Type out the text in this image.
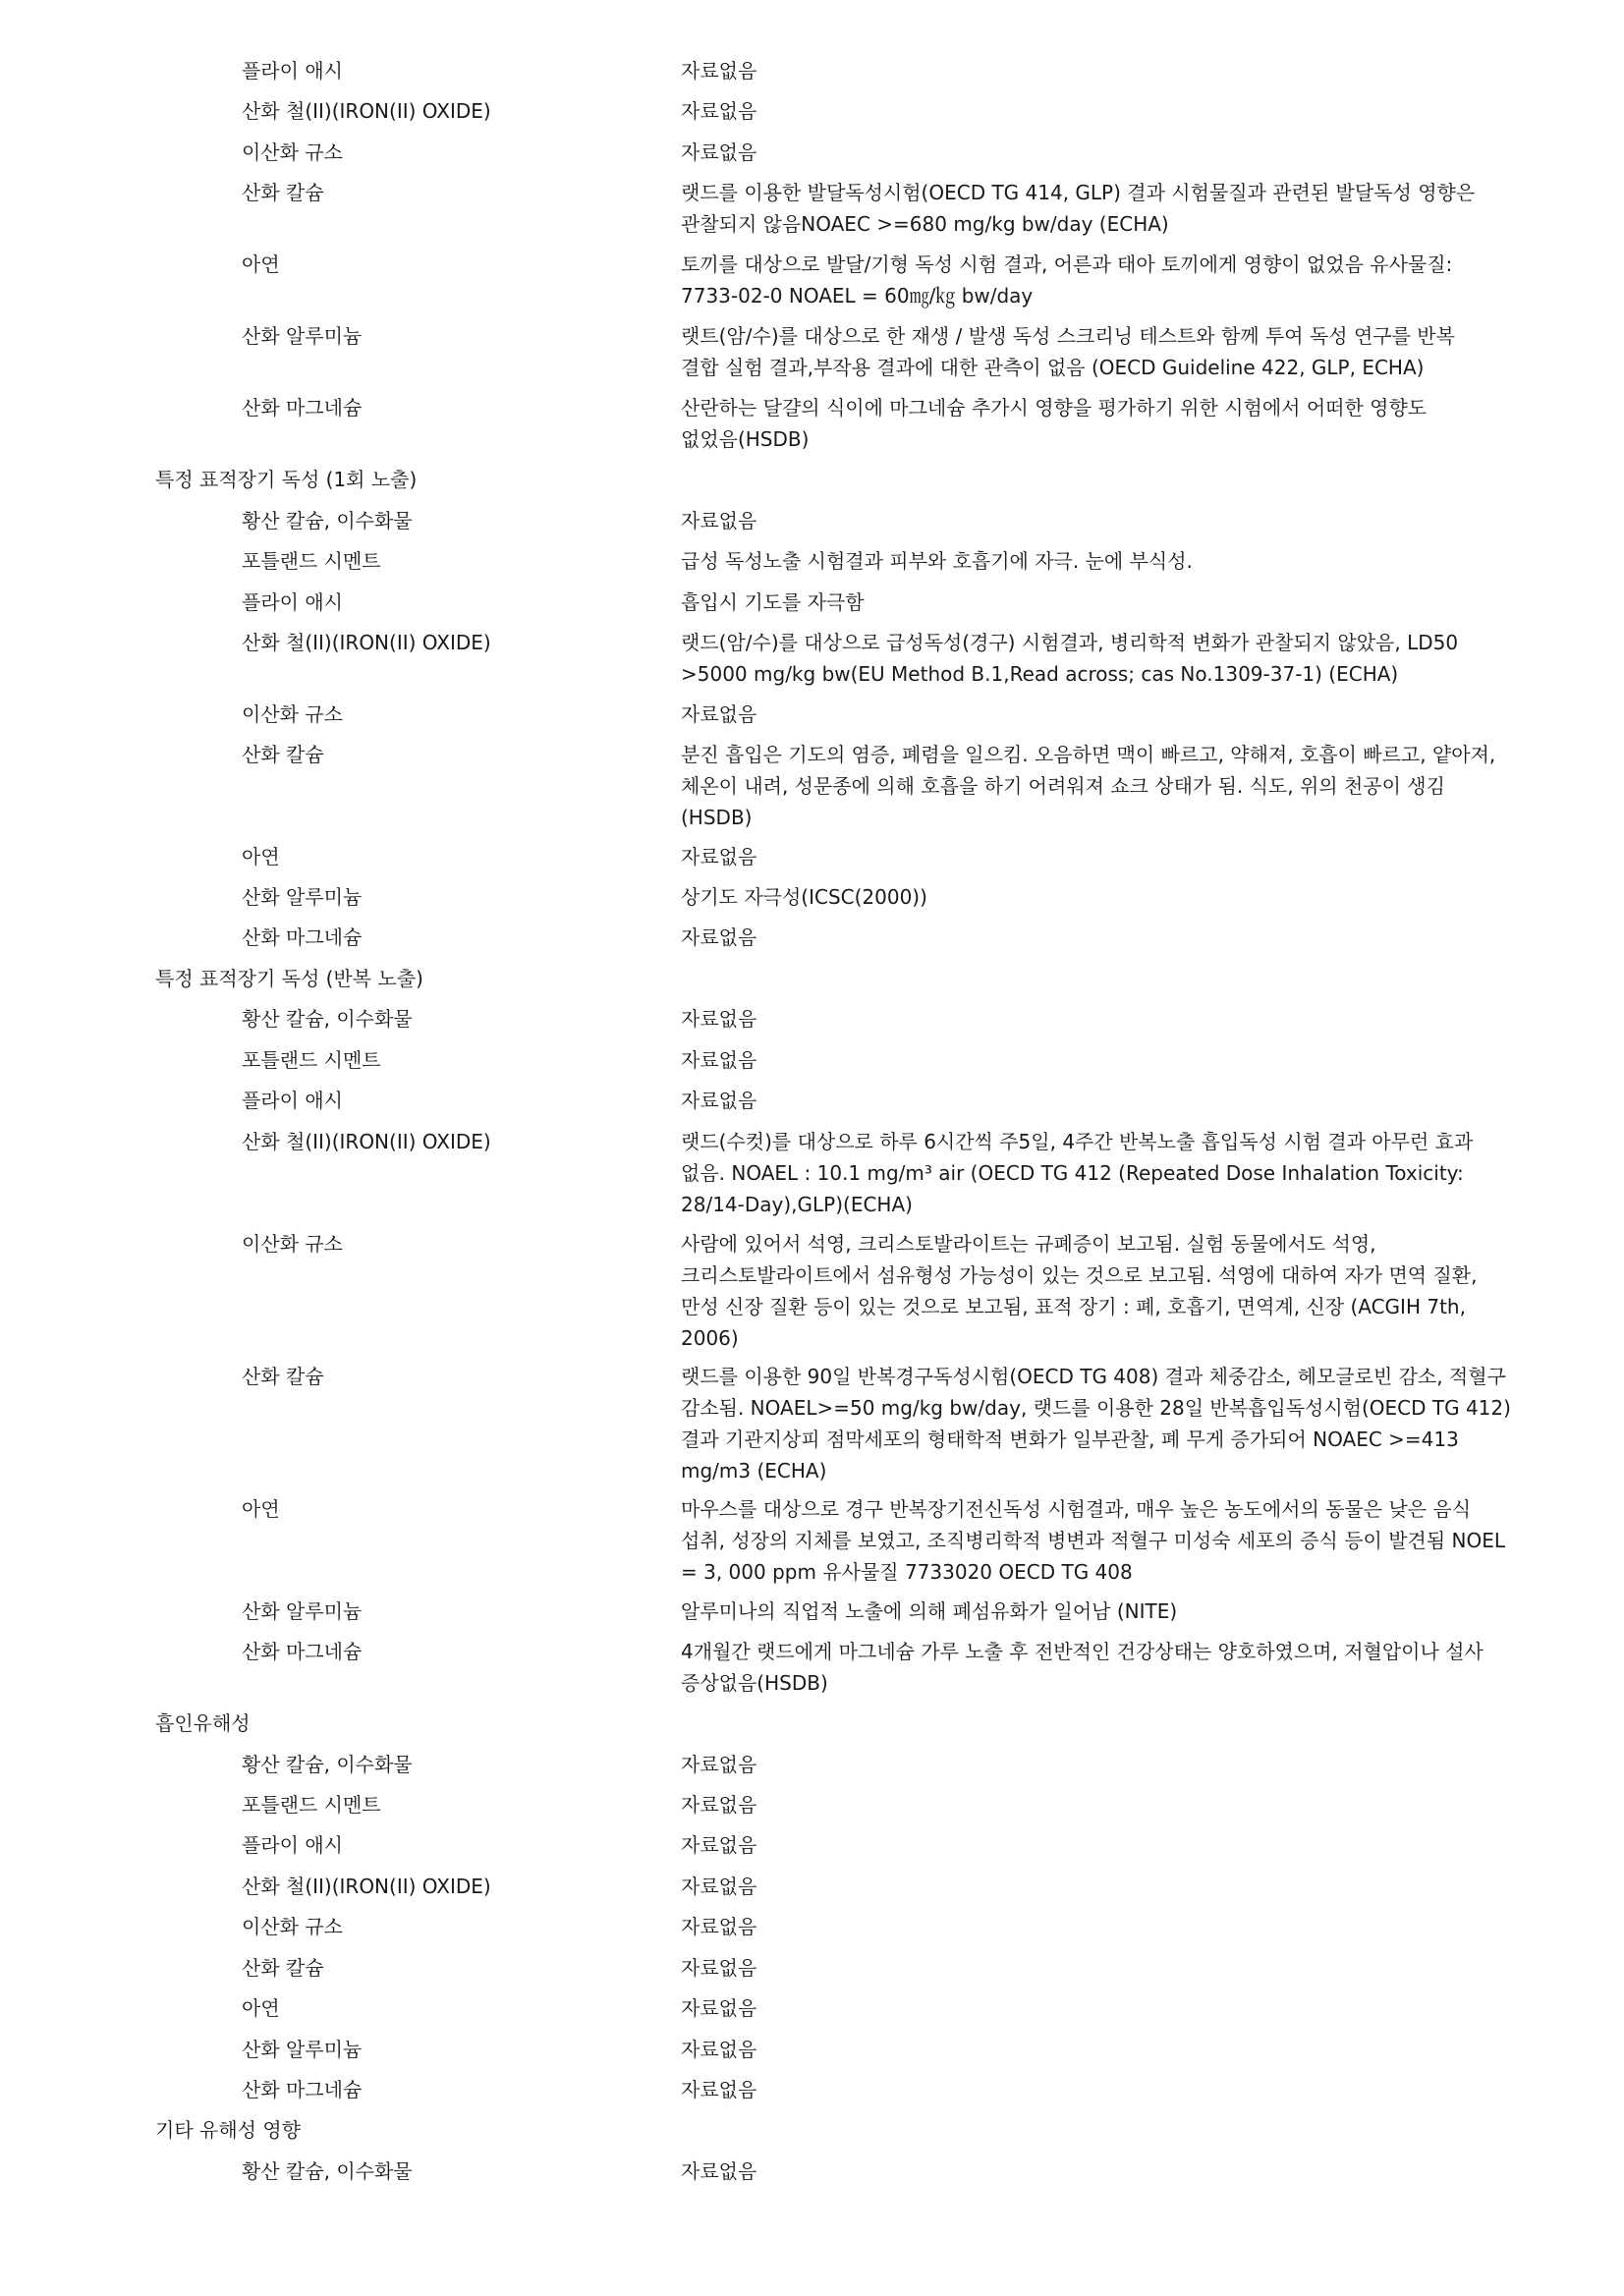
플라이 애시	자료없음
산화 철(II)(IRON(II) OXIDE)	자료없음
이산화 규소	자료없음
산화 칼슘	랫드를 이용한 발달독성시험(OECD TG 414, GLP) 결과 시험물질과 관련된 발달독성 영향은
관찰되지 않음NOAEC >=680 mg/kg bw/day (ECHA)
아연	토끼를 대상으로 발달/기형 독성 시험 결과, 어른과 태아 토끼에게 영향이 없었음 유사물질:
7733-02-0 NOAEL = 60㎎/㎏ bw/day
산화 알루미늄	랫트(암/수)를 대상으로 한 재생 / 발생 독성 스크리닝 테스트와 함께 투여 독성 연구를 반복
결합 실험 결과,부작용 결과에 대한 관측이 없음 (OECD Guideline 422, GLP, ECHA)
산화 마그네슘	산란하는 달걀의 식이에 마그네슘 추가시 영향을 평가하기 위한 시험에서 어떠한 영향도
없었음(HSDB)
특정 표적장기 독성 (1회 노출)
황산 칼슘, 이수화물	자료없음
포틀랜드 시멘트	급성 독성노출 시험결과 피부와 호흡기에 자극. 눈에 부식성.
플라이 애시	흡입시 기도를 자극함
산화 철(II)(IRON(II) OXIDE)	랫드(암/수)를 대상으로 급성독성(경구) 시험결과, 병리학적 변화가 관찰되지 않았음, LD50
>5000 mg/kg bw(EU Method B.1,Read across; cas No.1309-37-1) (ECHA)
이산화 규소	자료없음
산화 칼슘	분진 흡입은 기도의 염증, 폐렴을 일으킴. 오음하면 맥이 빠르고, 약해져, 호흡이 빠르고, 얕아져,
체온이 내려, 성문종에 의해 호흡을 하기 어려워져 쇼크 상태가 됨. 식도, 위의 천공이 생김
(HSDB)
아연	자료없음
산화 알루미늄	상기도 자극성(ICSC(2000))
산화 마그네슘	자료없음
특정 표적장기 독성 (반복 노출)
황산 칼슘, 이수화물	자료없음
포틀랜드 시멘트	자료없음
플라이 애시	자료없음
산화 철(II)(IRON(II) OXIDE)	랫드(수컷)를 대상으로 하루 6시간씩 주5일, 4주간 반복노출 흡입독성 시험 결과 아무런 효과
없음. NOAEL : 10.1 mg/m³ air (OECD TG 412 (Repeated Dose Inhalation Toxicity:
28/14-Day),GLP)(ECHA)
이산화 규소	사람에 있어서 석영, 크리스토발라이트는 규폐증이 보고됨. 실험 동물에서도 석영,
크리스토발라이트에서 섬유형성 가능성이 있는 것으로 보고됨. 석영에 대하여 자가 면역 질환,
만성 신장 질환 등이 있는 것으로 보고됨, 표적 장기 : 폐, 호흡기, 면역계, 신장 (ACGIH 7th,
2006)
산화 칼슘	랫드를 이용한 90일 반복경구독성시험(OECD TG 408) 결과 체중감소, 헤모글로빈 감소, 적혈구
감소됨. NOAEL>=50 mg/kg bw/day, 랫드를 이용한 28일 반복흡입독성시험(OECD TG 412)
결과 기관지상피 점막세포의 형태학적 변화가 일부관찰, 폐 무게 증가되어 NOAEC >=413
mg/m3 (ECHA)
아연	마우스를 대상으로 경구 반복장기전신독성 시험결과, 매우 높은 농도에서의 동물은 낮은 음식
섭취, 성장의 지체를 보였고, 조직병리학적 병변과 적혈구 미성숙 세포의 증식 등이 발견됨 NOEL
= 3, 000 ppm 유사물질 7733020 OECD TG 408
산화 알루미늄	알루미나의 직업적 노출에 의해 폐섬유화가 일어남 (NITE)
산화 마그네슘	4개월간 랫드에게 마그네슘 가루 노출 후 전반적인 건강상태는 양호하였으며, 저혈압이나 설사
증상없음(HSDB)
흡인유해성
황산 칼슘, 이수화물	자료없음
포틀랜드 시멘트	자료없음
플라이 애시	자료없음
산화 철(II)(IRON(II) OXIDE)	자료없음
이산화 규소	자료없음
산화 칼슘	자료없음
아연	자료없음
산화 알루미늄	자료없음
산화 마그네슘	자료없음
기타 유해성 영향
황산 칼슘, 이수화물	자료없음
